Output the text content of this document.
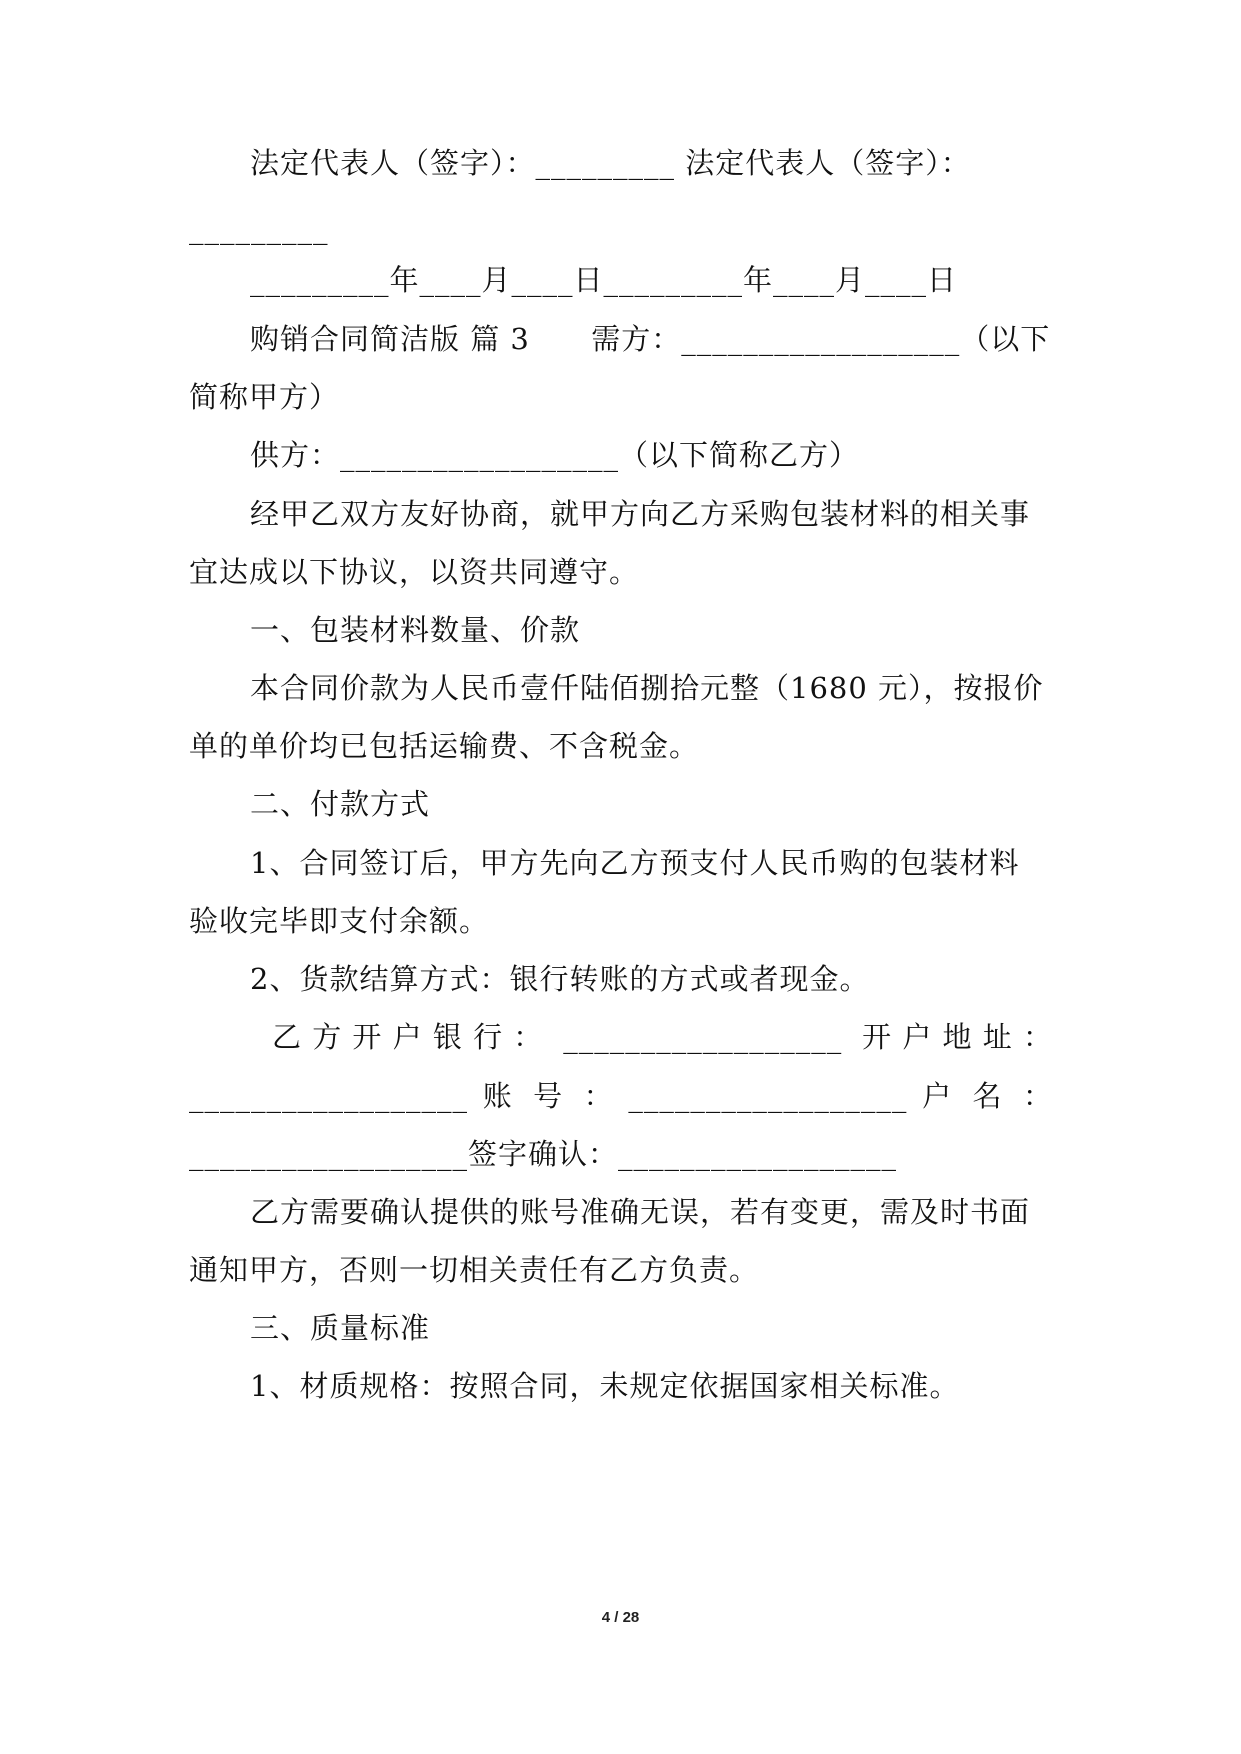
法定代表人（签字）：_________ 法定代表人（签字）：
_________
_________年____月____日_________年____月____日
购销合同简洁版 篇 3      需方：__________________（以下
简称甲方）
供方：__________________（以下简称乙方）
经甲乙双方友好协商，就甲方向乙方采购包装材料的相关事
宜达成以下协议，以资共同遵守。
一、包装材料数量、价款
本合同价款为人民币壹仟陆佰捌拾元整（1680 元），按报价
单的单价均已包括运输费、不含税金。
二、付款方式
1、合同签订后，甲方先向乙方预支付人民币购的包装材料
验收完毕即支付余额。
2、货款结算方式：银行转账的方式或者现金。
乙 方 开 户 银 行 ： __________________ 开 户 地 址 ：
__________________ 账  号  ： __________________ 户  名  ：
__________________签字确认：__________________
乙方需要确认提供的账号准确无误，若有变更，需及时书面
通知甲方，否则一切相关责任有乙方负责。
三、质量标准
1、材质规格：按照合同，未规定依据国家相关标准。
4 / 28
